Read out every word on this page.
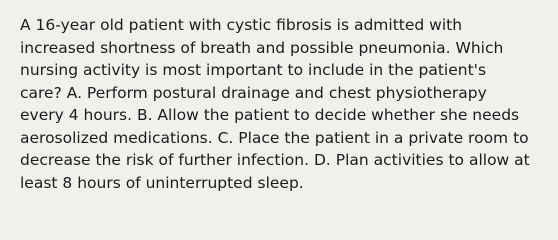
A 16-year old patient with cystic fibrosis is admitted with
increased shortness of breath and possible pneumonia. Which
nursing activity is most important to include in the patient's
care? A. Perform postural drainage and chest physiotherapy
every 4 hours. B. Allow the patient to decide whether she needs
aerosolized medications. C. Place the patient in a private room to
decrease the risk of further infection. D. Plan activities to allow at
least 8 hours of uninterrupted sleep.
